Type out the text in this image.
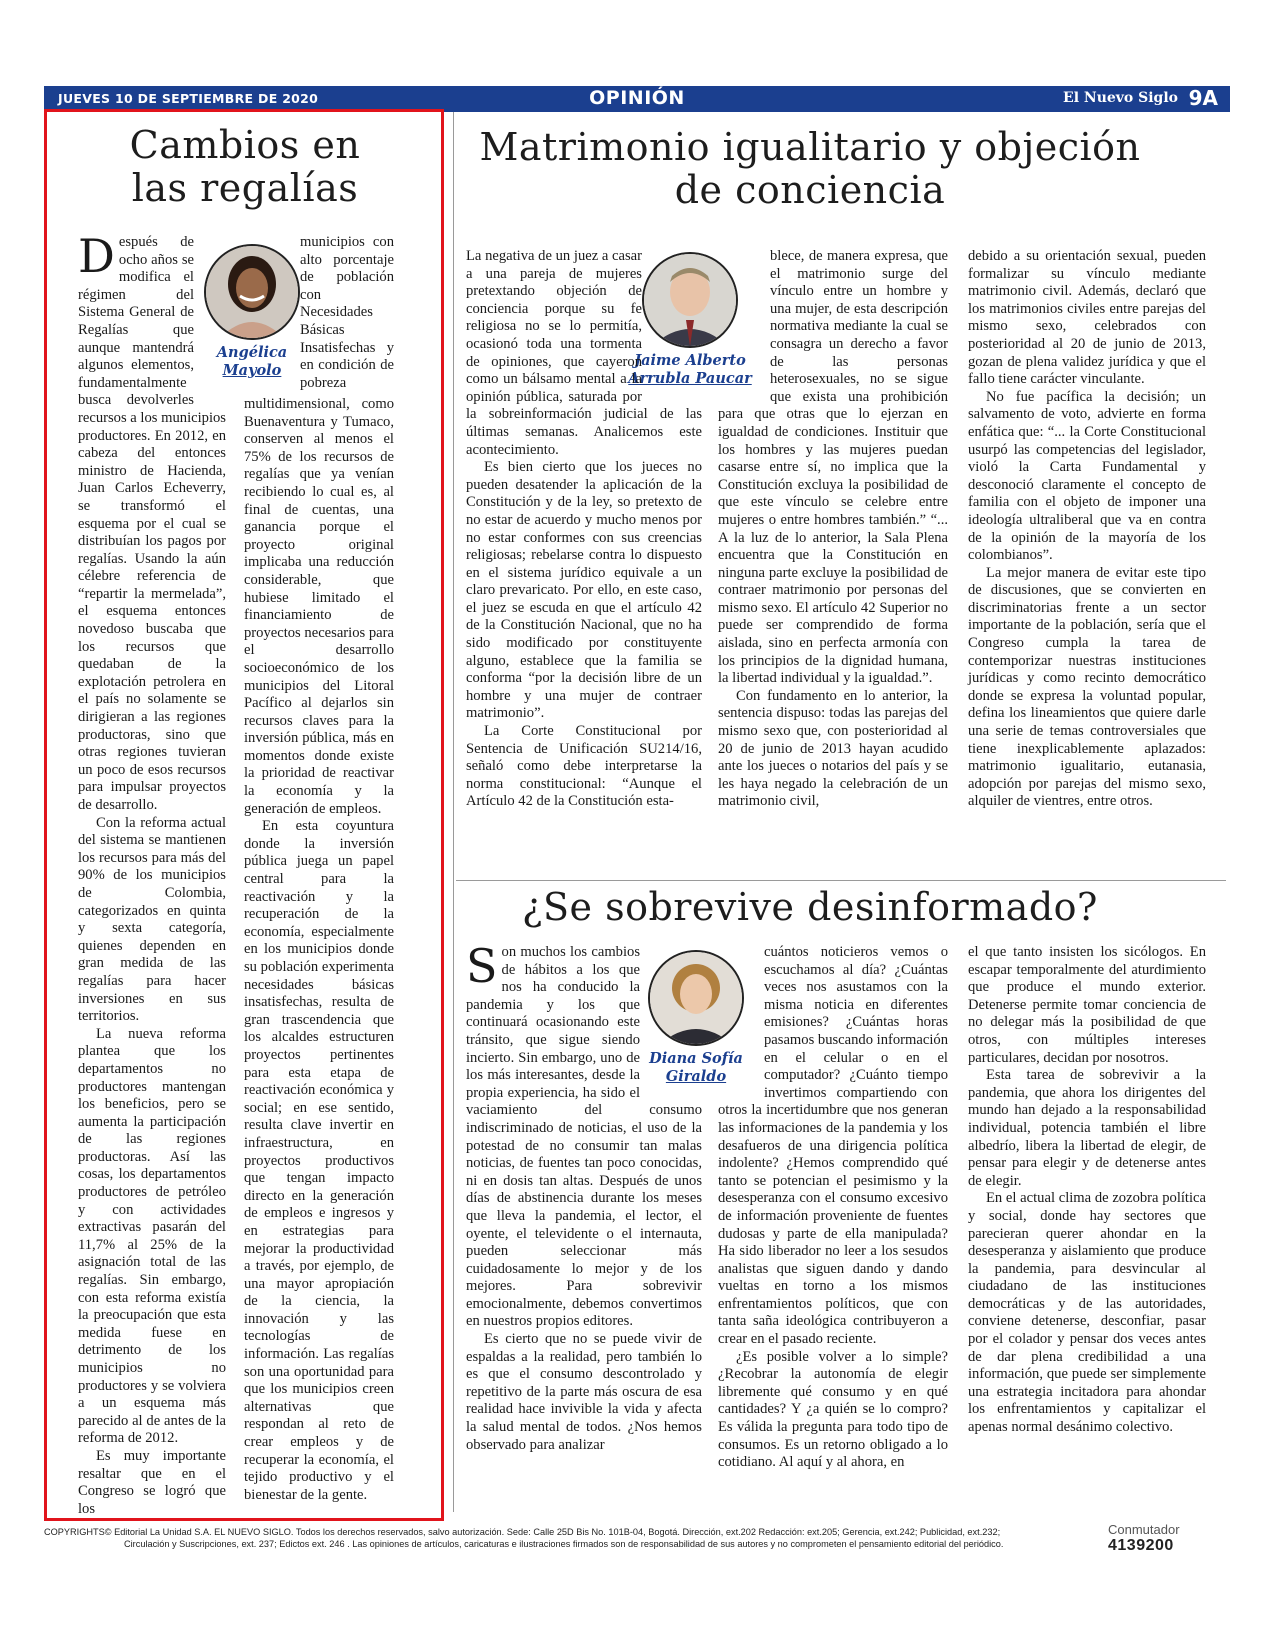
JUEVES 10 DE SEPTIEMBRE DE 2020	OPINIÓN	El Nuevo Siglo 9A
Cambios en
las regalías
Angélica
Mayolo

Después de ocho años se modifica el régimen del Sistema General de Regalías que aunque mantendrá algunos elementos, fundamentalmente busca devolverles recursos a los municipios productores. En 2012, en cabeza del entonces ministro de Hacienda, Juan Carlos Echeverry, se transformó el esquema por el cual se distribuían los pagos por regalías. Usando la aún célebre referencia de “repartir la mermelada”, el esquema entonces novedoso buscaba que los recursos que quedaban de la explotación petrolera en el país no solamente se dirigieran a las regiones productoras, sino que otras regiones tuvieran un poco de esos recursos para impulsar proyectos de desarrollo.

Con la reforma actual del sistema se mantienen los recursos para más del 90% de los municipios de Colombia, categorizados en quinta y sexta categoría, quienes dependen en gran medida de las regalías para hacer inversiones en sus territorios.

La nueva reforma plantea que los departamentos no productores mantengan los beneficios, pero se aumenta la participación de las regiones productoras. Así las cosas, los departamentos productores de petróleo y con actividades extractivas pasarán del 11,7% al 25% de la asignación total de las regalías. Sin embargo, con esta reforma existía la preocupación que esta medida fuese en detrimento de los municipios no productores y se volviera a un esquema más parecido al de antes de la reforma de 2012.

Es muy importante resaltar que en el Congreso se logró que los

municipios con alto porcentaje de población con Necesidades Básicas Insatisfechas y en condición de pobreza multidimensional, como Buenaventura y Tumaco, conserven al menos el 75% de los recursos de regalías que ya venían recibiendo lo cual es, al final de cuentas, una ganancia porque el proyecto original implicaba una reducción considerable, que hubiese limitado el financiamiento de proyectos necesarios para el desarrollo socioeconómico de los municipios del Litoral Pacífico al dejarlos sin recursos claves para la inversión pública, más en momentos donde existe la prioridad de reactivar la economía y la generación de empleos.

En esta coyuntura donde la inversión pública juega un papel central para la reactivación y la recuperación de la economía, especialmente en los municipios donde su población experimenta necesidades básicas insatisfechas, resulta de gran trascendencia que los alcaldes estructuren proyectos pertinentes para esta etapa de reactivación económica y social; en ese sentido, resulta clave invertir en infraestructura, en proyectos productivos que tengan impacto directo en la generación de empleos e ingresos y en estrategias para mejorar la productividad a través, por ejemplo, de una mayor apropiación de la ciencia, la innovación y las tecnologías de información. Las regalías son una oportunidad para que los municipios creen alternativas que respondan al reto de crear empleos y de recuperar la economía, el tejido productivo y el bienestar de la gente.

Matrimonio igualitario y objeción
de conciencia
Jaime Alberto
Arrubla Paucar

La negativa de un juez a casar a una pareja de mujeres pretextando objeción de conciencia porque su fe religiosa no se lo permitía, ocasionó toda una tormenta de opiniones, que cayeron como un bálsamo mental a la opinión pública, saturada por la sobreinformación judicial de las últimas semanas. Analicemos este acontecimiento.

Es bien cierto que los jueces no pueden desatender la aplicación de la Constitución y de la ley, so pretexto de no estar de acuerdo y mucho menos por no estar conformes con sus creencias religiosas; rebelarse contra lo dispuesto en el sistema jurídico equivale a un claro prevaricato. Por ello, en este caso, el juez se escuda en que el artículo 42 de la Constitución Nacional, que no ha sido modificado por constituyente alguno, establece que la familia se conforma “por la decisión libre de un hombre y una mujer de contraer matrimonio”.

La Corte Constitucional por Sentencia de Unificación SU214/16, señaló como debe interpretarse la norma constitucional: “Aunque el Artículo 42 de la Constitución esta-

blece, de manera expresa, que el matrimonio surge del vínculo entre un hombre y una mujer, de esta descripción normativa mediante la cual se consagra un derecho a favor de las personas heterosexuales, no se sigue que exista una prohibición para que otras que lo ejerzan en igualdad de condiciones. Instituir que los hombres y las mujeres puedan casarse entre sí, no implica que la Constitución excluya la posibilidad de que este vínculo se celebre entre mujeres o entre hombres también.” “... A la luz de lo anterior, la Sala Plena encuentra que la Constitución en ninguna parte excluye la posibilidad de contraer matrimonio por personas del mismo sexo. El artículo 42 Superior no puede ser comprendido de forma aislada, sino en perfecta armonía con los principios de la dignidad humana, la libertad individual y la igualdad.”.

Con fundamento en lo anterior, la sentencia dispuso: todas las parejas del mismo sexo que, con posterioridad al 20 de junio de 2013 hayan acudido ante los jueces o notarios del país y se les haya negado la celebración de un matrimonio civil,

debido a su orientación sexual, pueden formalizar su vínculo mediante matrimonio civil. Además, declaró que los matrimonios civiles entre parejas del mismo sexo, celebrados con posterioridad al 20 de junio de 2013, gozan de plena validez jurídica y que el fallo tiene carácter vinculante.

No fue pacífica la decisión; un salvamento de voto, advierte en forma enfática que: “... la Corte Constitucional usurpó las competencias del legislador, violó la Carta Fundamental y desconoció claramente el concepto de familia con el objeto de imponer una ideología ultraliberal que va en contra de la opinión de la mayoría de los colombianos”.

La mejor manera de evitar este tipo de discusiones, que se convierten en discriminatorias frente a un sector importante de la población, sería que el Congreso cumpla la tarea de contemporizar nuestras instituciones jurídicas y como recinto democrático donde se expresa la voluntad popular, defina los lineamientos que quiere darle una serie de temas controversiales que tiene inexplicablemente aplazados: matrimonio igualitario, eutanasia, adopción por parejas del mismo sexo, alquiler de vientres, entre otros.

¿Se sobrevive desinformado?
Diana Sofía
Giraldo

Son muchos los cambios de hábitos a los que nos ha conducido la pandemia y los que continuará ocasionando este tránsito, que sigue siendo incierto. Sin embargo, uno de los más interesantes, desde la propia experiencia, ha sido el vaciamiento del consumo indiscriminado de noticias, el uso de la potestad de no consumir tan malas noticias, de fuentes tan poco conocidas, ni en dosis tan altas. Después de unos días de abstinencia durante los meses que lleva la pandemia, el lector, el oyente, el televidente o el internauta, pueden seleccionar más cuidadosamente lo mejor y de los mejores. Para sobrevivir emocionalmente, debemos convertimos en nuestros propios editores.

Es cierto que no se puede vivir de espaldas a la realidad, pero también lo es que el consumo descontrolado y repetitivo de la parte más oscura de esa realidad hace invivible la vida y afecta la salud mental de todos. ¿Nos hemos observado para analizar

cuántos noticieros vemos o escuchamos al día? ¿Cuántas veces nos asustamos con la misma noticia en diferentes emisiones? ¿Cuántas horas pasamos buscando información en el celular o en el computador? ¿Cuánto tiempo invertimos compartiendo con otros la incertidumbre que nos generan las informaciones de la pandemia y los desafueros de una dirigencia política indolente? ¿Hemos comprendido qué tanto se potencian el pesimismo y la desesperanza con el consumo excesivo de información proveniente de fuentes dudosas y parte de ella manipulada? Ha sido liberador no leer a los sesudos analistas que siguen dando y dando vueltas en torno a los mismos enfrentamientos políticos, que con tanta saña ideológica contribuyeron a crear en el pasado reciente.

¿Es posible volver a lo simple? ¿Recobrar la autonomía de elegir libremente qué consumo y en qué cantidades? Y ¿a quién se lo compro? Es válida la pregunta para todo tipo de consumos. Es un retorno obligado a lo cotidiano. Al aquí y al ahora, en

el que tanto insisten los sicólogos. En escapar temporalmente del aturdimiento que produce el mundo exterior. Detenerse permite tomar conciencia de no delegar más la posibilidad de que otros, con múltiples intereses particulares, decidan por nosotros.

Esta tarea de sobrevivir a la pandemia, que ahora los dirigentes del mundo han dejado a la responsabilidad individual, potencia también el libre albedrío, libera la libertad de elegir, de pensar para elegir y de detenerse antes de elegir.

En el actual clima de zozobra política y social, donde hay sectores que parecieran querer ahondar en la desesperanza y aislamiento que produce la pandemia, para desvincular al ciudadano de las instituciones democráticas y de las autoridades, conviene detenerse, desconfiar, pasar por el colador y pensar dos veces antes de dar plena credibilidad a una información, que puede ser simplemente una estrategia incitadora para ahondar los enfrentamientos y capitalizar el apenas normal desánimo colectivo.

COPYRIGHTS© Editorial La Unidad S.A. EL NUEVO SIGLO. Todos los derechos reservados, salvo autorización. Sede: Calle 25D Bis No. 101B-04, Bogotá. Dirección, ext.202 Redacción: ext.205; Gerencia, ext.242; Publicidad, ext.232;
Circulación y Suscripciones, ext. 237; Edictos ext. 246 . Las opiniones de artículos, caricaturas e ilustraciones firmados son de responsabilidad de sus autores y no comprometen el pensamiento editorial del periódico.
Conmutador
4139200
